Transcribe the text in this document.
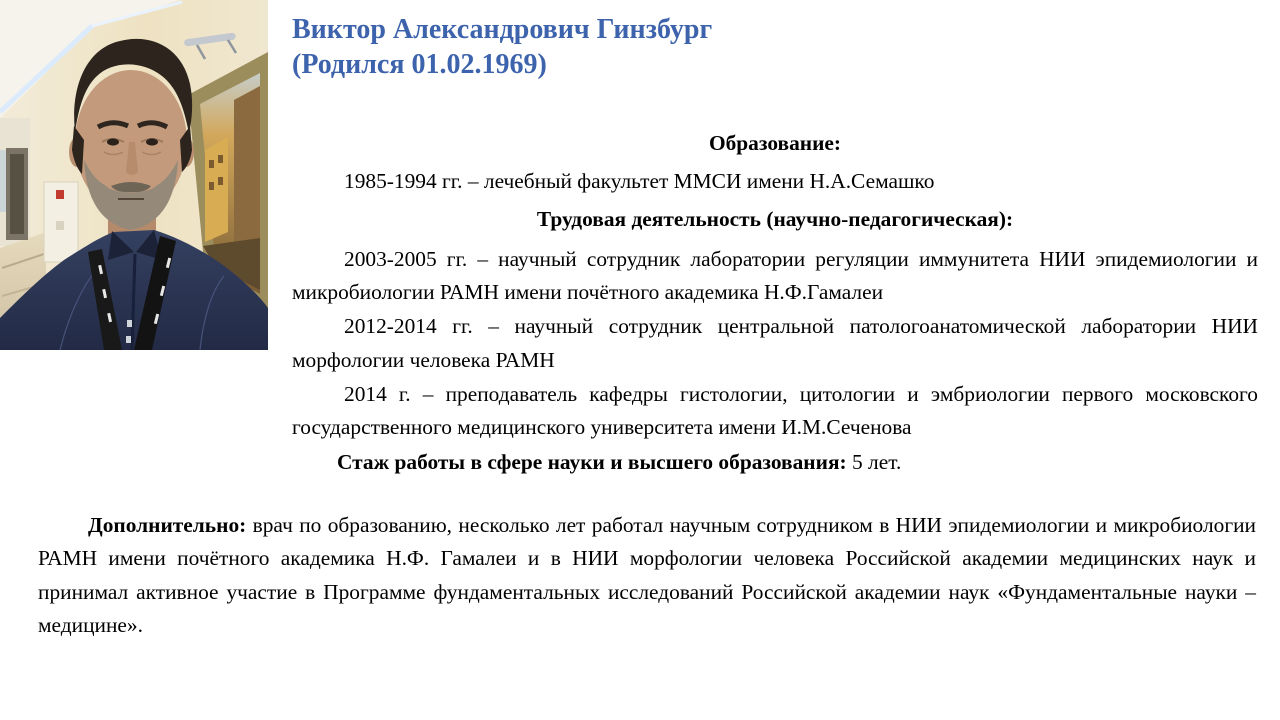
Виктор Александрович Гинзбург
(Родился 01.02.1969)
Образование:

1985-1994 гг. – лечебный факультет ММСИ имени Н.А.Семашко

Трудовая деятельность (научно-педагогическая):

2003-2005 гг. – научный сотрудник лаборатории регуляции иммунитета НИИ эпидемиологии и микробиологии РАМН имени почётного академика Н.Ф.Гамалеи

2012-2014 гг. – научный сотрудник центральной патологоанатомической лаборатории НИИ морфологии человека РАМН

2014 г. – преподаватель кафедры гистологии, цитологии и эмбриологии первого московского государственного медицинского университета имени И.М.Сеченова

Стаж работы в сфере науки и высшего образования: 5 лет.

Дополнительно: врач по образованию, несколько лет работал научным сотрудником в НИИ эпидемиологии и микробиологии РАМН имени почётного академика Н.Ф. Гамалеи и в НИИ морфологии человека Российской академии медицинских наук и принимал активное участие в Программе фундаментальных исследований Российской академии наук «Фундаментальные науки – медицине».
